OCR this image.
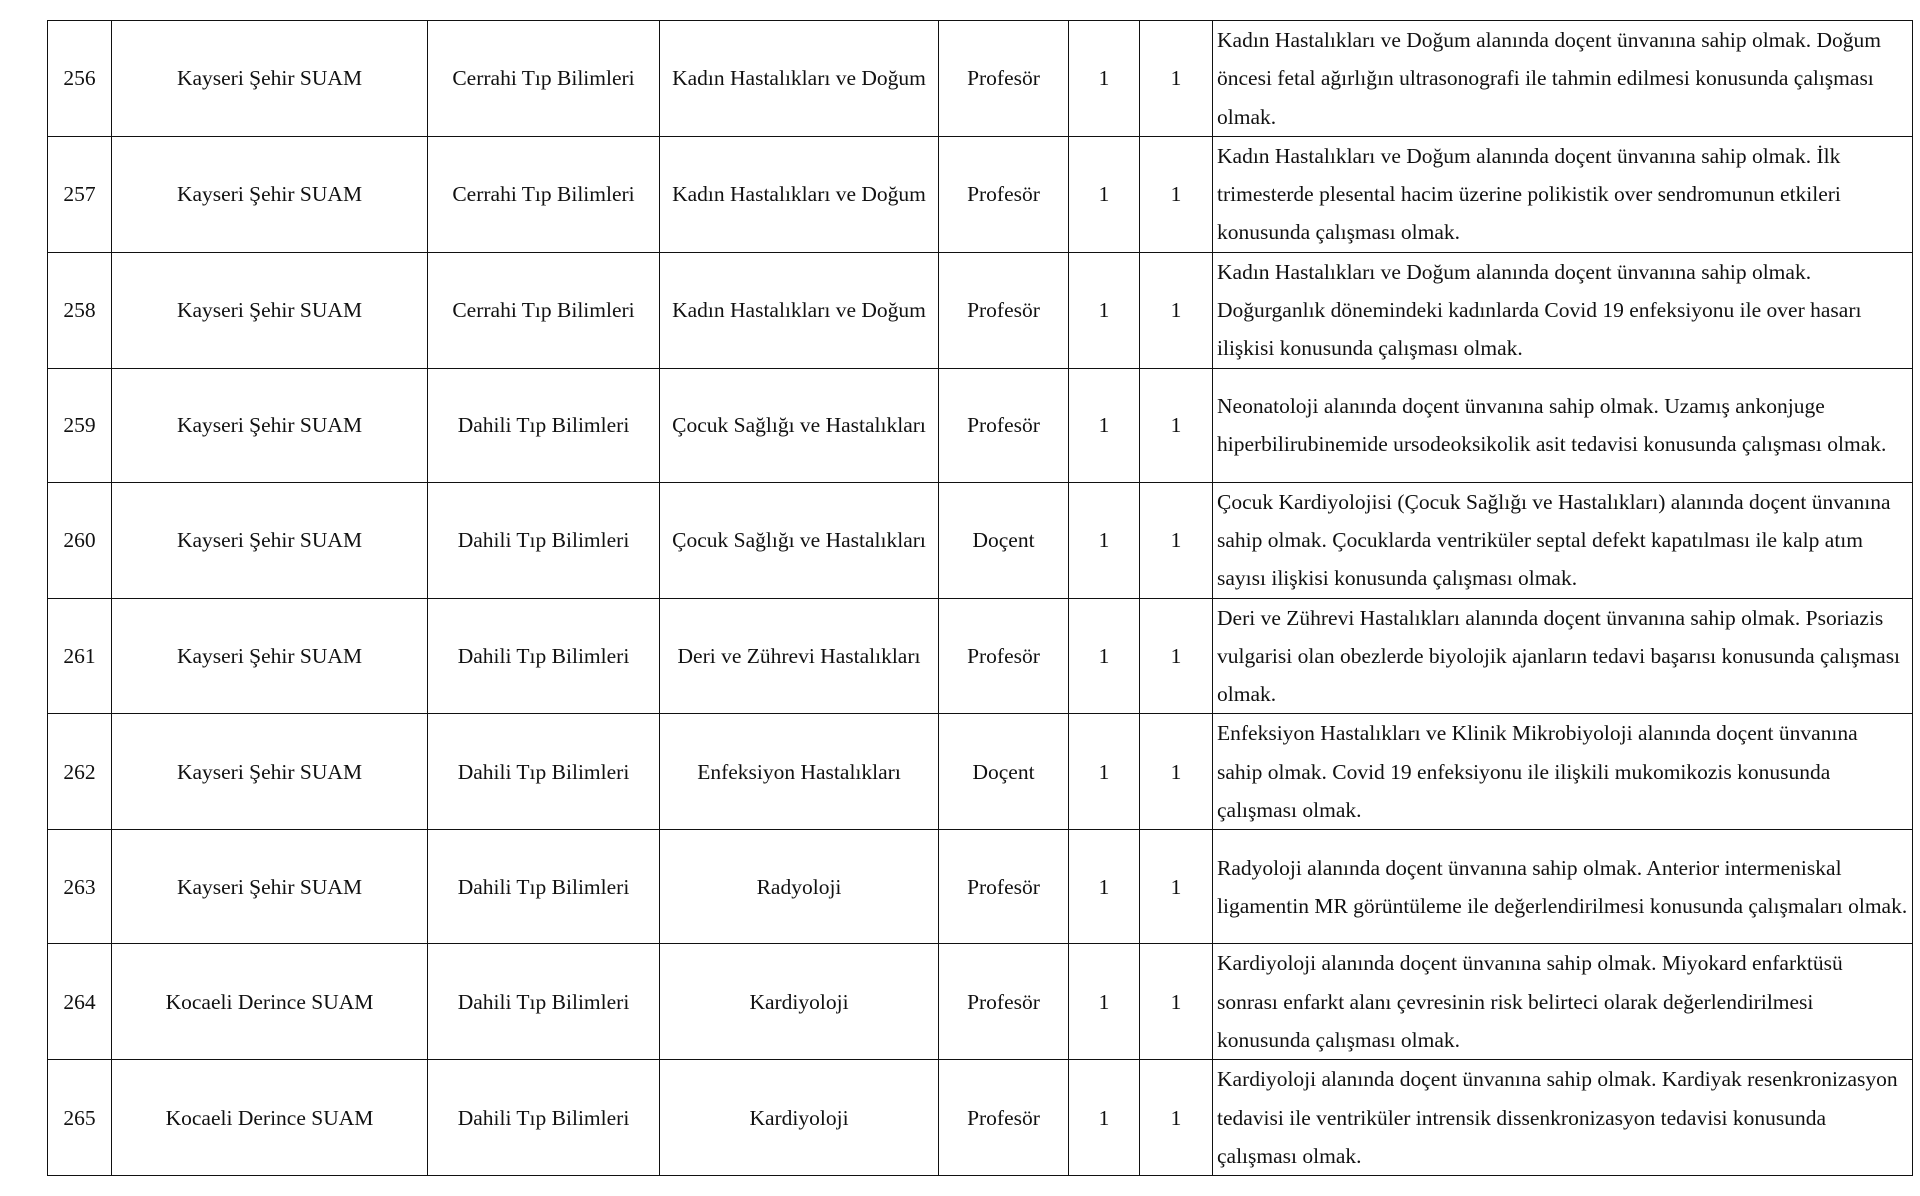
256	Kayseri Şehir SUAM	Cerrahi Tıp Bilimleri	Kadın Hastalıkları ve Doğum	Profesör	1	1	Kadın Hastalıkları ve Doğum alanında doçent ünvanına sahip olmak. Doğum öncesi fetal ağırlığın ultrasonografi ile tahmin edilmesi konusunda çalışması olmak.
257	Kayseri Şehir SUAM	Cerrahi Tıp Bilimleri	Kadın Hastalıkları ve Doğum	Profesör	1	1	Kadın Hastalıkları ve Doğum alanında doçent ünvanına sahip olmak. İlk trimesterde plesental hacim üzerine polikistik over sendromunun etkileri konusunda çalışması olmak.
258	Kayseri Şehir SUAM	Cerrahi Tıp Bilimleri	Kadın Hastalıkları ve Doğum	Profesör	1	1	Kadın Hastalıkları ve Doğum alanında doçent ünvanına sahip olmak. Doğurganlık dönemindeki kadınlarda Covid 19 enfeksiyonu ile over hasarı ilişkisi konusunda çalışması olmak.
259	Kayseri Şehir SUAM	Dahili Tıp Bilimleri	Çocuk Sağlığı ve Hastalıkları	Profesör	1	1	Neonatoloji alanında doçent ünvanına sahip olmak. Uzamış ankonjuge hiperbilirubinemide ursodeoksikolik asit tedavisi konusunda çalışması olmak.
260	Kayseri Şehir SUAM	Dahili Tıp Bilimleri	Çocuk Sağlığı ve Hastalıkları	Doçent	1	1	Çocuk Kardiyolojisi (Çocuk Sağlığı ve Hastalıkları) alanında doçent ünvanına sahip olmak. Çocuklarda ventriküler septal defekt kapatılması ile kalp atım sayısı ilişkisi konusunda çalışması olmak.
261	Kayseri Şehir SUAM	Dahili Tıp Bilimleri	Deri ve Zührevi Hastalıkları	Profesör	1	1	Deri ve Zührevi Hastalıkları alanında doçent ünvanına sahip olmak. Psoriazis vulgarisi olan obezlerde biyolojik ajanların tedavi başarısı konusunda çalışması olmak.
262	Kayseri Şehir SUAM	Dahili Tıp Bilimleri	Enfeksiyon Hastalıkları	Doçent	1	1	Enfeksiyon Hastalıkları ve Klinik Mikrobiyoloji alanında doçent ünvanına sahip olmak. Covid 19 enfeksiyonu ile ilişkili mukomikozis konusunda çalışması olmak.
263	Kayseri Şehir SUAM	Dahili Tıp Bilimleri	Radyoloji	Profesör	1	1	Radyoloji alanında doçent ünvanına sahip olmak. Anterior intermeniskal ligamentin MR görüntüleme ile değerlendirilmesi konusunda çalışmaları olmak.
264	Kocaeli Derince SUAM	Dahili Tıp Bilimleri	Kardiyoloji	Profesör	1	1	Kardiyoloji alanında doçent ünvanına sahip olmak. Miyokard enfarktüsü sonrası enfarkt alanı çevresinin risk belirteci olarak değerlendirilmesi konusunda çalışması olmak.
265	Kocaeli Derince SUAM	Dahili Tıp Bilimleri	Kardiyoloji	Profesör	1	1	Kardiyoloji alanında doçent ünvanına sahip olmak. Kardiyak resenkronizasyon tedavisi ile ventriküler intrensik dissenkronizasyon tedavisi konusunda çalışması olmak.
